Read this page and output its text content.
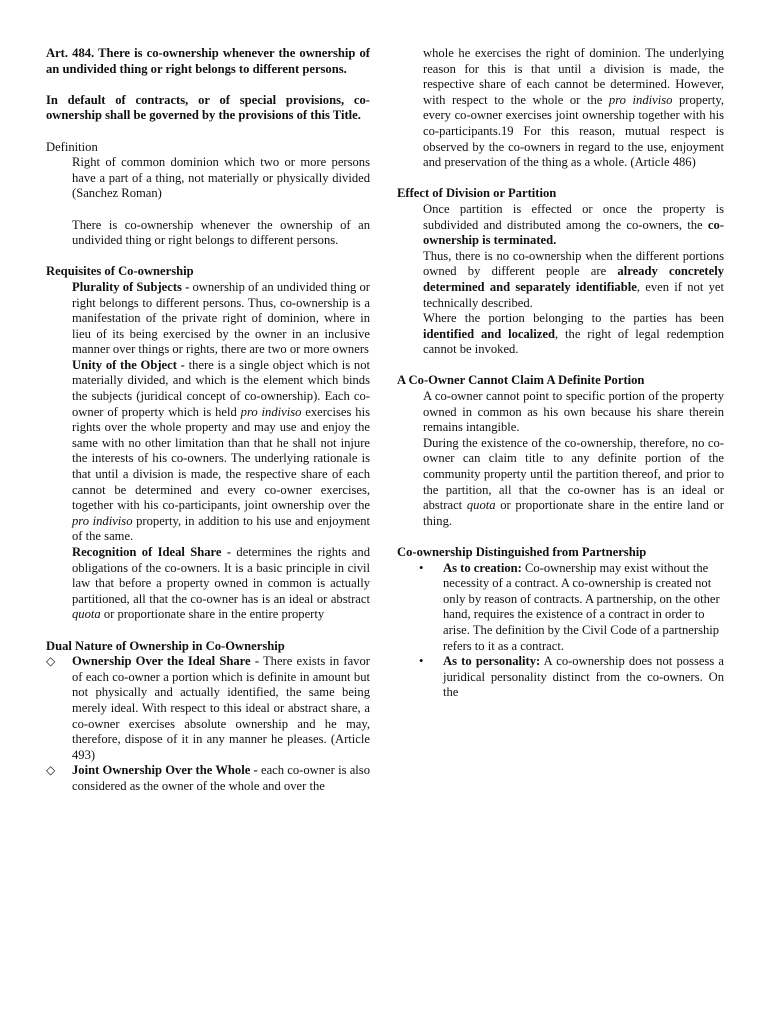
Art. 484. There is co-ownership whenever the ownership of an undivided thing or right belongs to different persons.

In default of contracts, or of special provisions, co-ownership shall be governed by the provisions of this Title.

Definition

Right of common dominion which two or more persons have a part of a thing, not materially or physically divided (Sanchez Roman)

There is co-ownership whenever the ownership of an undivided thing or right belongs to different persons.

Requisites of Co-ownership

Plurality of Subjects - ownership of an undivided thing or right belongs to different persons. Thus, co-ownership is a manifestation of the private right of dominion, where in lieu of its being exercised by the owner in an inclusive manner over things or rights, there are two or more owners

Unity of the Object - there is a single object which is not materially divided, and which is the element which binds the subjects (juridical concept of co-ownership). Each co-owner of property which is held pro indiviso exercises his rights over the whole property and may use and enjoy the same with no other limitation than that he shall not injure the interests of his co-owners. The underlying rationale is that until a division is made, the respective share of each cannot be determined and every co-owner exercises, together with his co-participants, joint ownership over the pro indiviso property, in addition to his use and enjoyment of the same.

Recognition of Ideal Share - determines the rights and obligations of the co-owners. It is a basic principle in civil law that before a property owned in common is actually partitioned, all that the co-owner has is an ideal or abstract quota or proportionate share in the entire property

Dual Nature of Ownership in Co-Ownership

◇ Ownership Over the Ideal Share - There exists in favor of each co-owner a portion which is definite in amount but not physically and actually identified, the same being merely ideal. With respect to this ideal or abstract share, a co-owner exercises absolute ownership and he may, therefore, dispose of it in any manner he pleases. (Article 493)
◇ Joint Ownership Over the Whole - each co-owner is also considered as the owner of the whole and over the

whole he exercises the right of dominion. The underlying reason for this is that until a division is made, the respective share of each cannot be determined. However, with respect to the whole or the pro indiviso property, every co-owner exercises joint ownership together with his co-participants.19 For this reason, mutual respect is observed by the co-owners in regard to the use, enjoyment and preservation of the thing as a whole. (Article 486)

Effect of Division or Partition

Once partition is effected or once the property is subdivided and distributed among the co-owners, the co-ownership is terminated.

Thus, there is no co-ownership when the different portions owned by different people are already concretely determined and separately identifiable, even if not yet technically described.

Where the portion belonging to the parties has been identified and localized, the right of legal redemption cannot be invoked.

A Co-Owner Cannot Claim A Definite Portion

A co-owner cannot point to specific portion of the property owned in common as his own because his share therein remains intangible.

During the existence of the co-ownership, therefore, no co-owner can claim title to any definite portion of the community property until the partition thereof, and prior to the partition, all that the co-owner has is an ideal or abstract quota or proportionate share in the entire land or thing.

Co-ownership Distinguished from Partnership

• As to creation: Co-ownership may exist without the necessity of a contract. A co-ownership is created not only by reason of contracts. A partnership, on the other hand, requires the existence of a contract in order to arise. The definition by the Civil Code of a partnership refers to it as a contract.
• As to personality: A co-ownership does not possess a juridical personality distinct from the co-owners. On the
